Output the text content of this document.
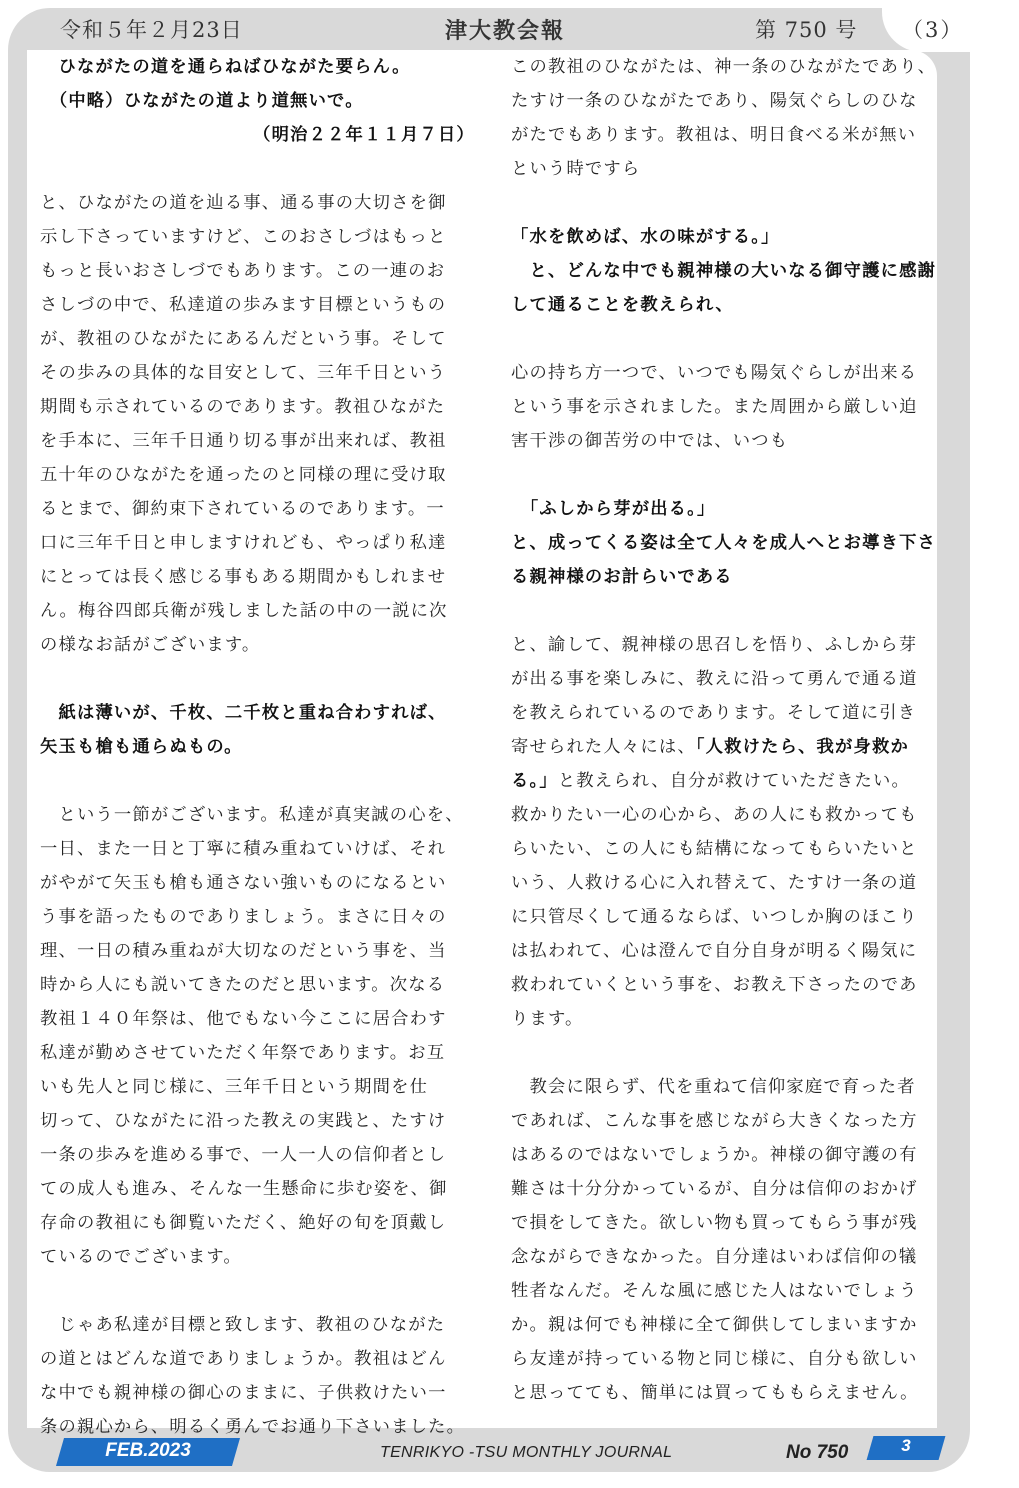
令和５年２月23日	津大教会報	第 750 号 （3）

　ひながたの道を通らねばひながた要らん。

　（中略）ひながたの道より道無いで。

　　　　　　　　　　　　（明治２２年１１月７日）

と、ひながたの道を辿る事、通る事の大切さを御

示し下さっていますけど、このおさしづはもっと

もっと長いおさしづでもあります。この一連のお

さしづの中で、私達道の歩みます目標というもの

が、教祖のひながたにあるんだという事。そして

その歩みの具体的な目安として、三年千日という

期間も示されているのであります。教祖ひながた

を手本に、三年千日通り切る事が出来れば、教祖

五十年のひながたを通ったのと同様の理に受け取

るとまで、御約束下されているのであります。一

口に三年千日と申しますけれども、やっぱり私達

にとっては長く感じる事もある期間かもしれませ

ん。梅谷四郎兵衛が残しました話の中の一説に次

の様なお話がございます。

　紙は薄いが、千枚、二千枚と重ね合わすれば、

矢玉も槍も通らぬもの。

　という一節がございます。私達が真実誠の心を、

一日、また一日と丁寧に積み重ねていけば、それ

がやがて矢玉も槍も通さない強いものになるとい

う事を語ったものでありましょう。まさに日々の

理、一日の積み重ねが大切なのだという事を、当

時から人にも説いてきたのだと思います。次なる

教祖１４０年祭は、他でもない今ここに居合わす

私達が勤めさせていただく年祭であります。お互

いも先人と同じ様に、三年千日という期間を仕

切って、ひながたに沿った教えの実践と、たすけ

一条の歩みを進める事で、一人一人の信仰者とし

ての成人も進み、そんな一生懸命に歩む姿を、御

存命の教祖にも御覧いただく、絶好の旬を頂戴し

ているのでございます。

　じゃあ私達が目標と致します、教祖のひながた

の道とはどんな道でありましょうか。教祖はどん

な中でも親神様の御心のままに、子供救けたい一

条の親心から、明るく勇んでお通り下さいました。

この教祖のひながたは、神一条のひながたであり、

たすけ一条のひながたであり、陽気ぐらしのひな

がたでもあります。教祖は、明日食べる米が無い

という時ですら

「水を飲めば、水の味がする。」

　と、どんな中でも親神様の大いなる御守護に感謝

して通ることを教えられ、

心の持ち方一つで、いつでも陽気ぐらしが出来る

という事を示されました。また周囲から厳しい迫

害干渉の御苦労の中では、いつも

　「ふしから芽が出る。」

と、成ってくる姿は全て人々を成人へとお導き下さ

る親神様のお計らいである

と、諭して、親神様の思召しを悟り、ふしから芽

が出る事を楽しみに、教えに沿って勇んで通る道

を教えられているのであります。そして道に引き

寄せられた人々には、「人救けたら、我が身救か

る。」と教えられ、自分が救けていただきたい。

救かりたい一心の心から、あの人にも救かっても

らいたい、この人にも結構になってもらいたいと

いう、人救ける心に入れ替えて、たすけ一条の道

に只管尽くして通るならば、いつしか胸のほこり

は払われて、心は澄んで自分自身が明るく陽気に

救われていくという事を、お教え下さったのであ

ります。

　教会に限らず、代を重ねて信仰家庭で育った者

であれば、こんな事を感じながら大きくなった方

はあるのではないでしょうか。神様の御守護の有

難さは十分分かっているが、自分は信仰のおかげ

で損をしてきた。欲しい物も買ってもらう事が残

念ながらできなかった。自分達はいわば信仰の犠

牲者なんだ。そんな風に感じた人はないでしょう

か。親は何でも神様に全て御供してしまいますか

ら友達が持っている物と同じ様に、自分も欲しい

と思ってても、簡単には買ってももらえません。

FEB.2023	TENRIKYO -TSU MONTHLY JOURNAL	No 750	3
